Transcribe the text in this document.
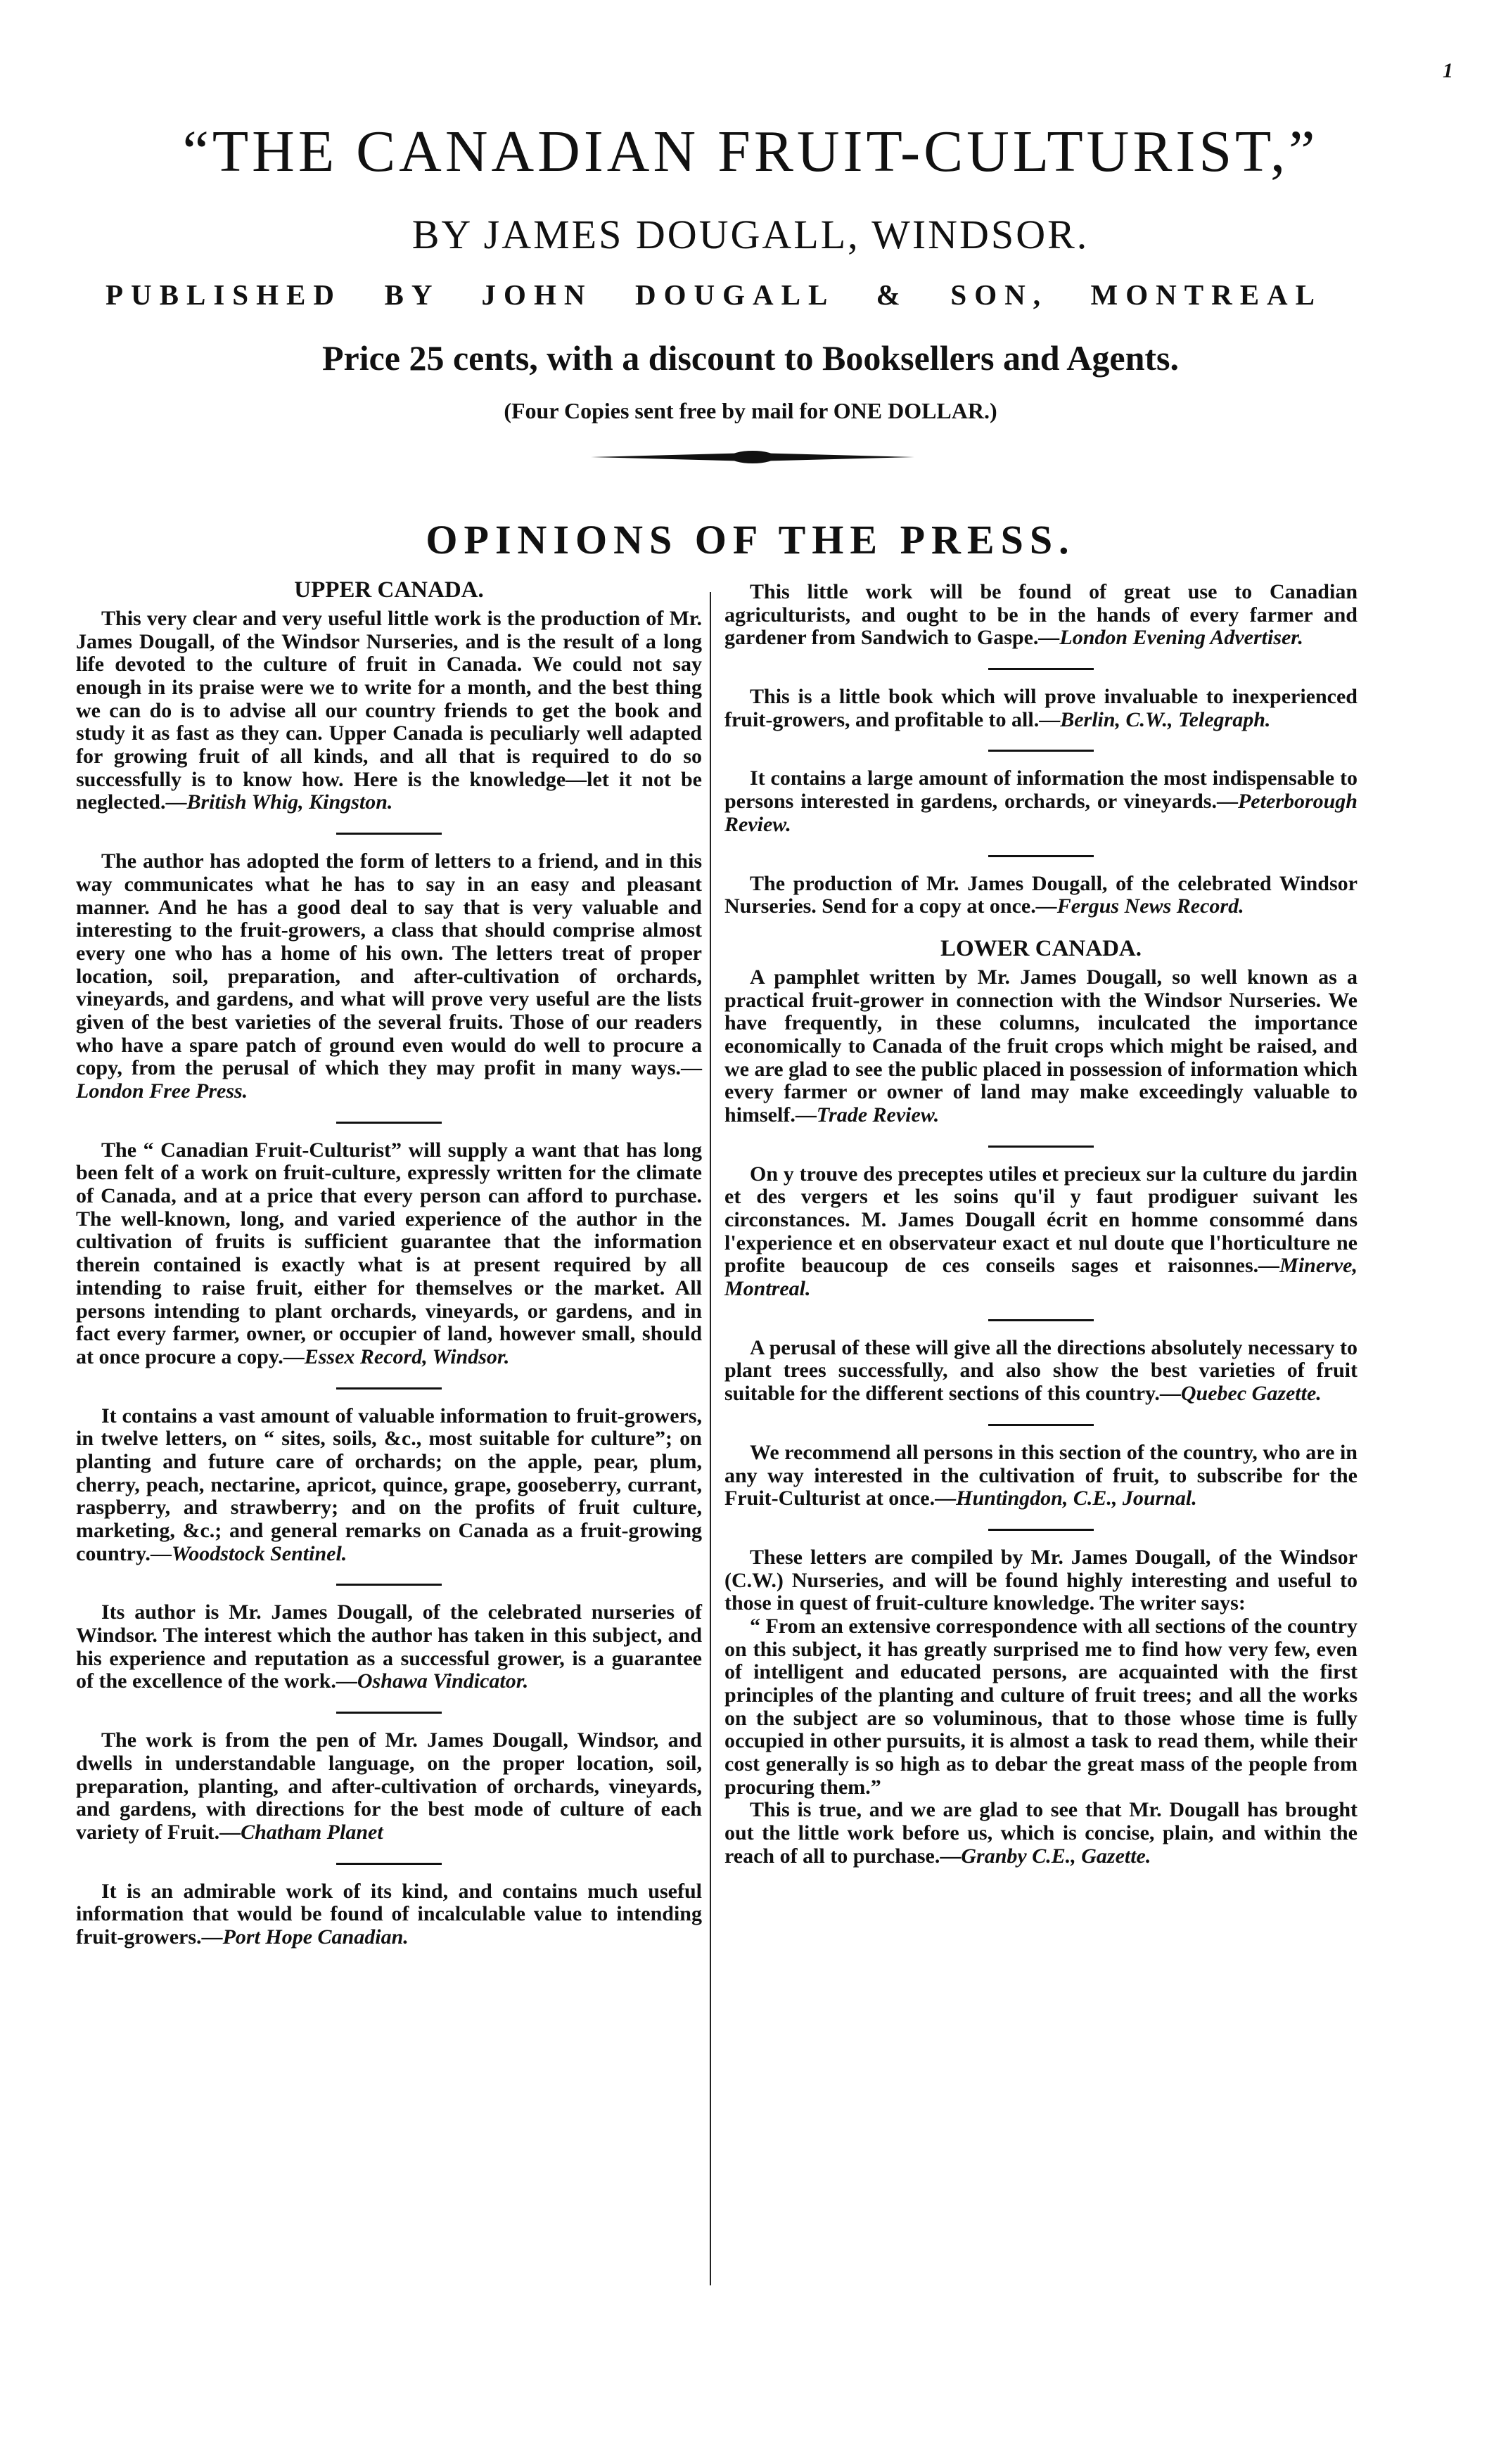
1
“THE CANADIAN FRUIT-CULTURIST,”
BY JAMES DOUGALL, WINDSOR.
PUBLISHED BY JOHN DOUGALL & SON, MONTREAL
Price 25 cents, with a discount to Booksellers and Agents.
(Four Copies sent free by mail for ONE DOLLAR.)
OPINIONS OF THE PRESS.
UPPER CANADA.

This very clear and very useful little work is the production of Mr. James Dougall, of the Windsor Nurseries, and is the result of a long life devoted to the culture of fruit in Canada. We could not say enough in its praise were we to write for a month, and the best thing we can do is to advise all our country friends to get the book and study it as fast as they can. Upper Canada is peculiarly well adapted for growing fruit of all kinds, and all that is required to do so successfully is to know how. Here is the knowledge—let it not be neglected.—British Whig, Kingston.

The author has adopted the form of letters to a friend, and in this way communicates what he has to say in an easy and pleasant manner. And he has a good deal to say that is very valuable and interesting to the fruit-growers, a class that should comprise almost every one who has a home of his own. The letters treat of proper location, soil, preparation, and after-cultivation of orchards, vineyards, and gardens, and what will prove very useful are the lists given of the best varieties of the several fruits. Those of our readers who have a spare patch of ground even would do well to procure a copy, from the perusal of which they may profit in many ways.—London Free Press.

The “ Canadian Fruit-Culturist” will supply a want that has long been felt of a work on fruit-culture, expressly written for the climate of Canada, and at a price that every person can afford to purchase. The well-known, long, and varied experience of the author in the cultivation of fruits is sufficient guarantee that the information therein contained is exactly what is at present required by all intending to raise fruit, either for themselves or the market. All persons intending to plant orchards, vineyards, or gardens, and in fact every farmer, owner, or occupier of land, however small, should at once procure a copy.—Essex Record, Windsor.

It contains a vast amount of valuable information to fruit-growers, in twelve letters, on “ sites, soils, &c., most suitable for culture”; on planting and future care of orchards; on the apple, pear, plum, cherry, peach, nectarine, apricot, quince, grape, gooseberry, currant, raspberry, and strawberry; and on the profits of fruit culture, marketing, &c.; and general remarks on Canada as a fruit-growing country.—Woodstock Sentinel.

Its author is Mr. James Dougall, of the celebrated nurseries of Windsor. The interest which the author has taken in this subject, and his experience and reputation as a successful grower, is a guarantee of the excellence of the work.—Oshawa Vindicator.

The work is from the pen of Mr. James Dougall, Windsor, and dwells in understandable language, on the proper location, soil, preparation, planting, and after-cultivation of orchards, vineyards, and gardens, with directions for the best mode of culture of each variety of Fruit.—Chatham Planet

It is an admirable work of its kind, and contains much useful information that would be found of incalculable value to intending fruit-growers.—Port Hope Canadian.

This little work will be found of great use to Canadian agriculturists, and ought to be in the hands of every farmer and gardener from Sandwich to Gaspe.—London Evening Advertiser.

This is a little book which will prove invaluable to inexperienced fruit-growers, and profitable to all.—Berlin, C.W., Telegraph.

It contains a large amount of information the most indispensable to persons interested in gardens, orchards, or vineyards.—Peterborough Review.

The production of Mr. James Dougall, of the celebrated Windsor Nurseries. Send for a copy at once.—Fergus News Record.

LOWER CANADA.

A pamphlet written by Mr. James Dougall, so well known as a practical fruit-grower in connection with the Windsor Nurseries. We have frequently, in these columns, inculcated the importance economically to Canada of the fruit crops which might be raised, and we are glad to see the public placed in possession of information which every farmer or owner of land may make exceedingly valuable to himself.—Trade Review.

On y trouve des preceptes utiles et precieux sur la culture du jardin et des vergers et les soins qu'il y faut prodiguer suivant les circonstances. M. James Dougall écrit en homme consommé dans l'experience et en observateur exact et nul doute que l'horticulture ne profite beaucoup de ces conseils sages et raisonnes.—Minerve, Montreal.

A perusal of these will give all the directions absolutely necessary to plant trees successfully, and also show the best varieties of fruit suitable for the different sections of this country.—Quebec Gazette.

We recommend all persons in this section of the country, who are in any way interested in the cultivation of fruit, to subscribe for the Fruit-Culturist at once.—Huntingdon, C.E., Journal.

These letters are compiled by Mr. James Dougall, of the Windsor (C.W.) Nurseries, and will be found highly interesting and useful to those in quest of fruit-culture knowledge. The writer says:

“ From an extensive correspondence with all sections of the country on this subject, it has greatly surprised me to find how very few, even of intelligent and educated persons, are acquainted with the first principles of the planting and culture of fruit trees; and all the works on the subject are so voluminous, that to those whose time is fully occupied in other pursuits, it is almost a task to read them, while their cost generally is so high as to debar the great mass of the people from procuring them.”

This is true, and we are glad to see that Mr. Dougall has brought out the little work before us, which is concise, plain, and within the reach of all to purchase.—Granby C.E., Gazette.
